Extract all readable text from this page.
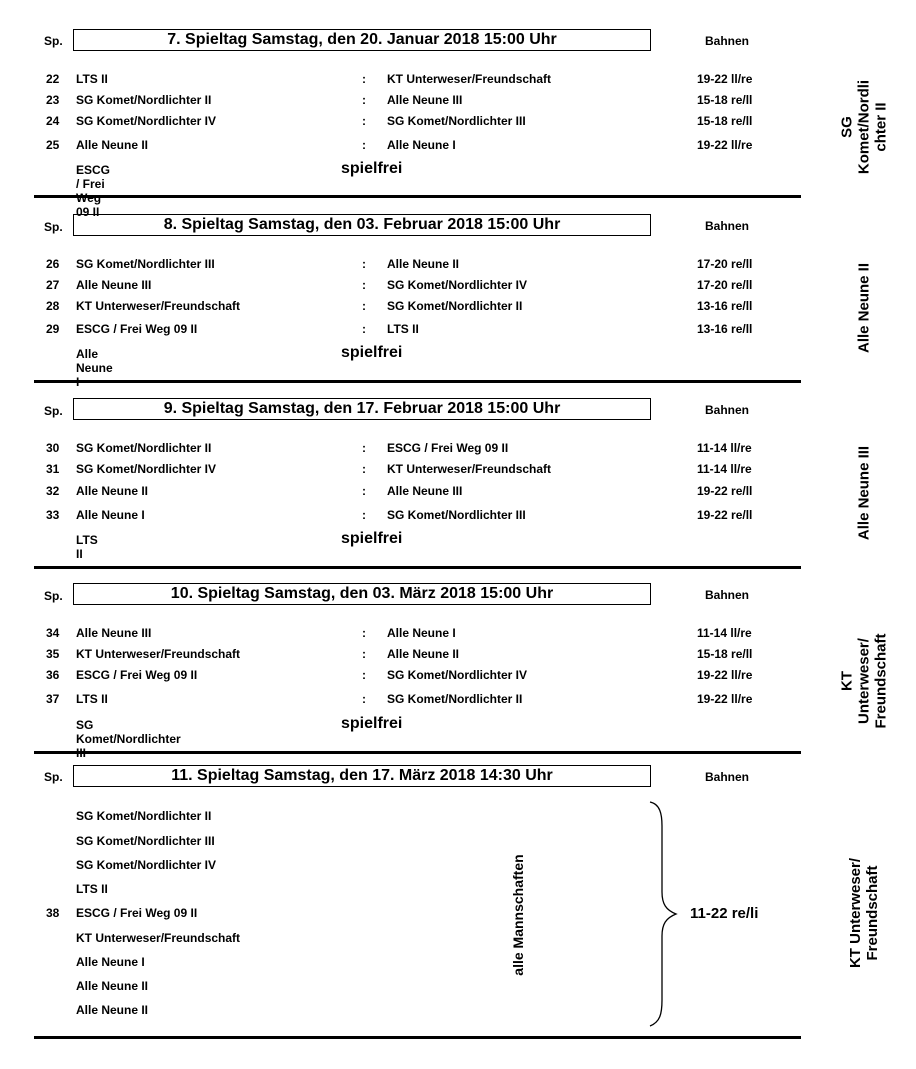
Sp.	7. Spieltag Samstag, den 20. Januar 2018 15:00 Uhr	Bahnen
22 LTS II	: KT Unterweser/Freundschaft	19-22 ll/re
23 SG Komet/Nordlichter II	: Alle Neune III	15-18 re/ll
24 SG Komet/Nordlichter IV	: SG Komet/Nordlichter III	15-18 re/ll
25 Alle Neune II	: Alle Neune I	19-22 ll/re
ESCG / Frei Weg 09 II
spielfrei
SG Komet/Nordli chter II
Sp.	8. Spieltag Samstag, den 03. Februar 2018 15:00 Uhr	Bahnen
26 SG Komet/Nordlichter III	: Alle Neune II	17-20 re/ll
27 Alle Neune III	: SG Komet/Nordlichter IV	17-20 re/ll
28 KT Unterweser/Freundschaft	: SG Komet/Nordlichter II	13-16 re/ll
29 ESCG / Frei Weg 09 II	: LTS II	13-16 re/ll
Alle Neune I
spielfrei	Alle Neune II
Sp.	9. Spieltag Samstag, den 17. Februar 2018 15:00 Uhr	Bahnen
30 SG Komet/Nordlichter II	: ESCG / Frei Weg 09 II	11-14 ll/re
31 SG Komet/Nordlichter IV	: KT Unterweser/Freundschaft	11-14 ll/re
32 Alle Neune II	: Alle Neune III	19-22 re/ll
33 Alle Neune I	: SG Komet/Nordlichter III	19-22 re/ll
LTS II
spielfrei	Alle Neune III
Sp.	10. Spieltag Samstag, den 03. März 2018 15:00 Uhr	Bahnen
34 Alle Neune III	: Alle Neune I	11-14 ll/re
35 KT Unterweser/Freundschaft	: Alle Neune II	15-18 re/ll
36 ESCG / Frei Weg 09 II	: SG Komet/Nordlichter IV	19-22 ll/re
37 LTS II	: SG Komet/Nordlichter II	19-22 ll/re
SG Komet/Nordlichter III
spielfrei
KT Unterweser/ Freundschaft
Sp.	11. Spieltag Samstag, den 17. März 2018 14:30 Uhr	Bahnen
SG Komet/Nordlichter II
SG Komet/Nordlichter III
SG Komet/Nordlichter IV
LTS II
38 ESCG / Frei Weg 09 II
KT Unterweser/Freundschaft
Alle Neune I
Alle Neune II
Alle Neune II
alle Mannschaften	11-22 re/li	KT Unterweser/ Freundschaft
